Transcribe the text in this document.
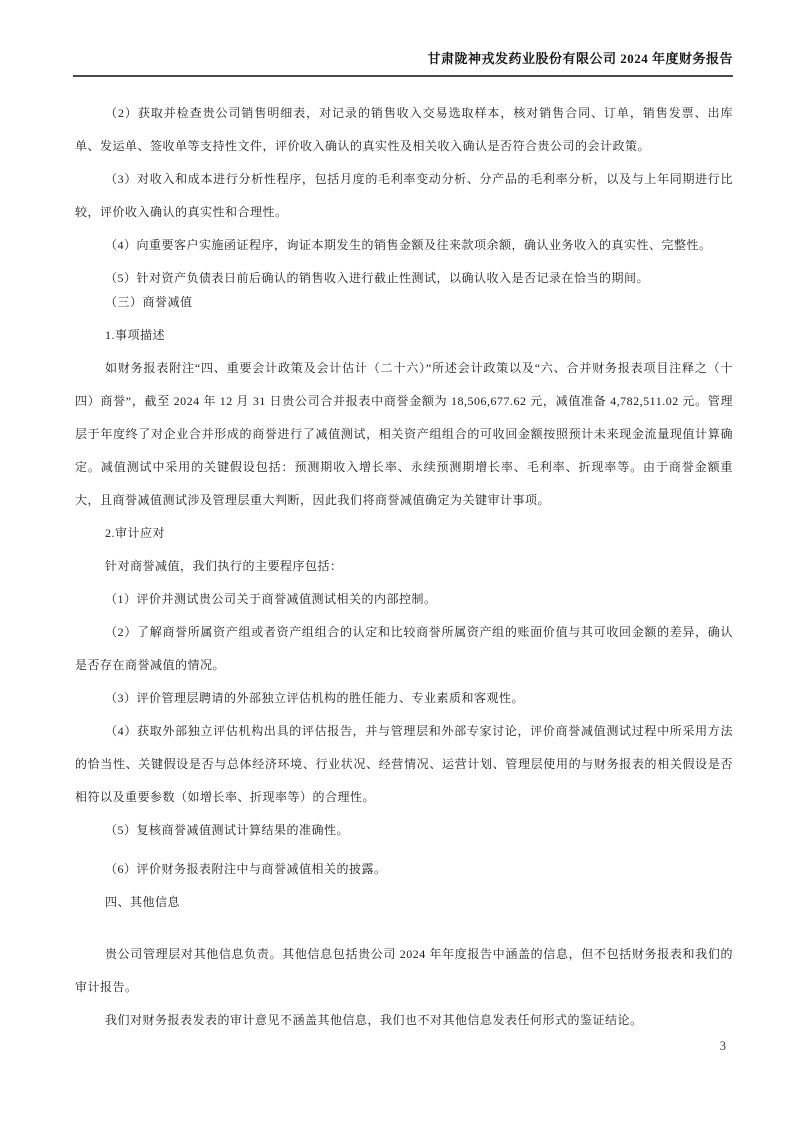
甘肃陇神戎发药业股份有限公司 2024 年度财务报告

（2）获取并检查贵公司销售明细表，对记录的销售收入交易选取样本，核对销售合同、订单，销售发票、出库单、发运单、签收单等支持性文件，评价收入确认的真实性及相关收入确认是否符合贵公司的会计政策。

（3）对收入和成本进行分析性程序，包括月度的毛利率变动分析、分产品的毛利率分析，以及与上年同期进行比较，评价收入确认的真实性和合理性。

（4）向重要客户实施函证程序，询证本期发生的销售金额及往来款项余额，确认业务收入的真实性、完整性。

（5）针对资产负债表日前后确认的销售收入进行截止性测试，以确认收入是否记录在恰当的期间。

（三）商誉减值

1.事项描述

如财务报表附注“四、重要会计政策及会计估计（二十六）”所述会计政策以及“六、合并财务报表项目注释之（十四）商誉”，截至 2024 年 12 月 31 日贵公司合并报表中商誉金额为 18,506,677.62 元，减值准备 4,782,511.02 元。管理层于年度终了对企业合并形成的商誉进行了减值测试，相关资产组组合的可收回金额按照预计未来现金流量现值计算确定。减值测试中采用的关键假设包括：预测期收入增长率、永续预测期增长率、毛利率、折现率等。由于商誉金额重大，且商誉减值测试涉及管理层重大判断，因此我们将商誉减值确定为关键审计事项。

2.审计应对

针对商誉减值，我们执行的主要程序包括：

（1）评价并测试贵公司关于商誉减值测试相关的内部控制。

（2）了解商誉所属资产组或者资产组组合的认定和比较商誉所属资产组的账面价值与其可收回金额的差异，确认是否存在商誉减值的情况。

（3）评价管理层聘请的外部独立评估机构的胜任能力、专业素质和客观性。

（4）获取外部独立评估机构出具的评估报告，并与管理层和外部专家讨论，评价商誉减值测试过程中所采用方法的恰当性、关键假设是否与总体经济环境、行业状况、经营情况、运营计划、管理层使用的与财务报表的相关假设是否相符以及重要参数（如增长率、折现率等）的合理性。

（5）复核商誉减值测试计算结果的准确性。

（6）评价财务报表附注中与商誉减值相关的披露。

四、其他信息

贵公司管理层对其他信息负责。其他信息包括贵公司 2024 年年度报告中涵盖的信息，但不包括财务报表和我们的审计报告。

我们对财务报表发表的审计意见不涵盖其他信息，我们也不对其他信息发表任何形式的鉴证结论。

3
